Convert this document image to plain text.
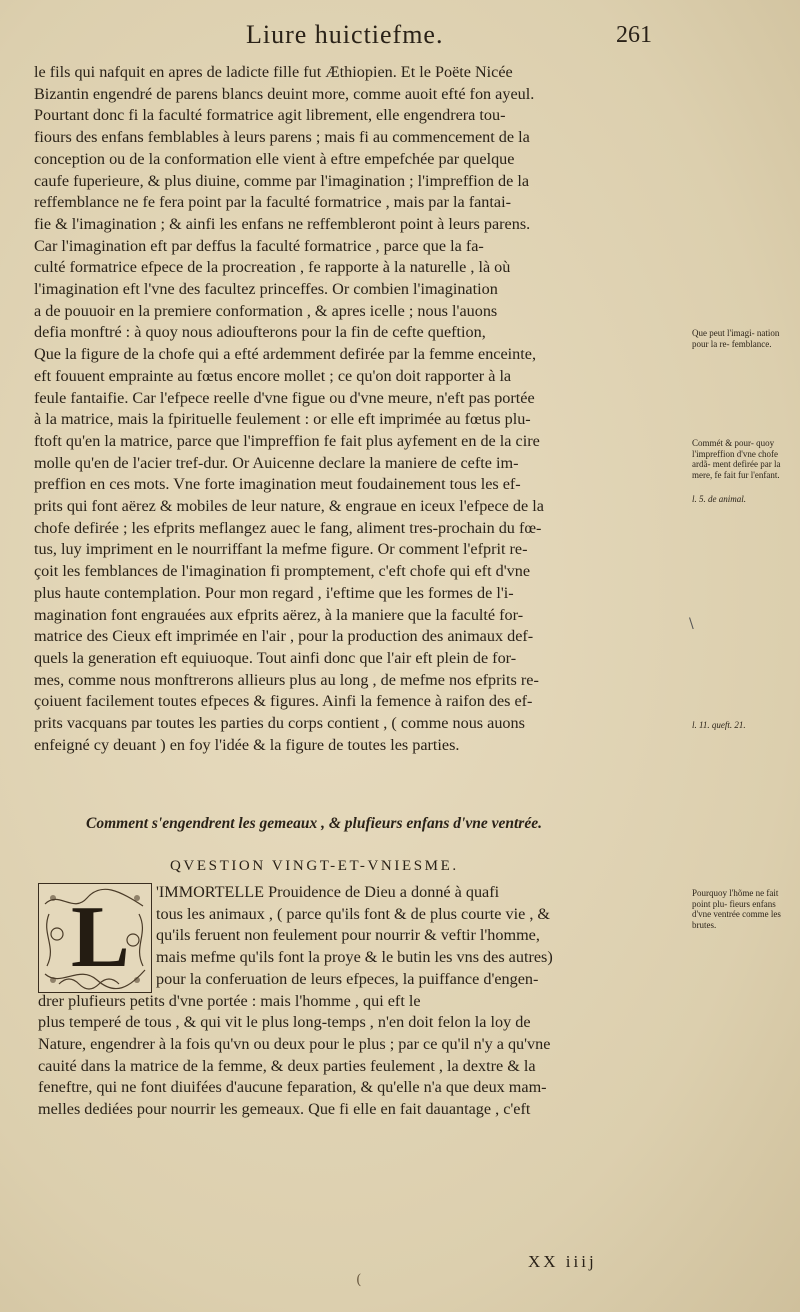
Liure huictiefme.	261
le fils qui nafquit en apres de ladicte fille fut Æthiopien. Et le Poëte Nicée
Bizantin engendré de parens blancs deuint more, comme auoit efté fon ayeul.
Pourtant donc fi la faculté formatrice agit librement, elle engendrera tou-
fiours des enfans femblables à leurs parens ; mais fi au commencement de la
conception ou de la conformation elle vient à eftre empefchée par quelque
caufe fuperieure, & plus diuine, comme par l'imagination ; l'impreffion de la
reffemblance ne fe fera point par la faculté formatrice , mais par la fantai-
fie & l'imagination ; & ainfi les enfans ne reffembleront point à leurs parens.
Car l'imagination eft par deffus la faculté formatrice , parce que la fa-
culté formatrice efpece de la procreation , fe rapporte à la naturelle , là où
l'imagination eft l'vne des facultez princeffes. Or combien l'imagination
a de pouuoir en la premiere conformation , & apres icelle ; nous l'auons
defia monftré : à quoy nous adioufterons pour la fin de cefte queftion,
Que la figure de la chofe qui a efté ardemment defirée par la femme enceinte,
eft fouuent emprainte au fœtus encore mollet ; ce qu'on doit rapporter à la
feule fantaifie. Car l'efpece reelle d'vne figue ou d'vne meure, n'eft pas portée
à la matrice, mais la fpirituelle feulement : or elle eft imprimée au fœtus plu-
ftoft qu'en la matrice, parce que l'impreffion fe fait plus ayfement en de la cire
molle qu'en de l'acier tref-dur. Or Auicenne declare la maniere de cefte im-
preffion en ces mots. Vne forte imagination meut foudainement tous les ef-
prits qui font aërez & mobiles de leur nature, & engraue en iceux l'efpece de la
chofe defirée ; les efprits meflangez auec le fang, aliment tres-prochain du fœ-
tus, luy impriment en le nourriffant la mefme figure. Or comment l'efprit re-
çoit les femblances de l'imagination fi promptement, c'eft chofe qui eft d'vne
plus haute contemplation. Pour mon regard , i'eftime que les formes de l'i-
magination font engrauées aux efprits aërez, à la maniere que la faculté for-
matrice des Cieux eft imprimée en l'air , pour la production des animaux def-
quels la generation eft equiuoque. Tout ainfi donc que l'air eft plein de for-
mes, comme nous monftrerons allieurs plus au long , de mefme nos efprits re-
çoiuent facilement toutes efpeces & figures. Ainfi la femence à raifon des ef-
prits vacquans par toutes les parties du corps contient , ( comme nous auons
enfeigné cy deuant ) en foy l'idée & la figure de toutes les parties.
Que peut l'imagi- nation pour la re- femblance.
Commét & pour- quoy l'impreffion d'vne chofe ardã- ment defirée par la mere, fe fait fur l'enfant.
l. 5. de animal.
l. 11. queft. 21.
Pourquoy l'hõme ne fait point plu- fieurs enfans d'vne ventrée comme les brutes.
\
Comment s'engendrent les gemeaux , & plufieurs enfans d'vne ventrée.
QVESTION VINGT-ET-VNIESME.
L	'IMMORTELLE Prouidence de Dieu a donné à quafi
tous les animaux , ( parce qu'ils font & de plus courte vie , &
qu'ils feruent non feulement pour nourrir & veftir l'homme,
mais mefme qu'ils font la proye & le butin les vns des autres)
pour la conferuation de leurs efpeces, la puiffance d'engen-
drer plufieurs petits d'vne portée : mais l'homme , qui eft le
plus temperé de tous , & qui vit le plus long-temps , n'en doit felon la loy de
Nature, engendrer à la fois qu'vn ou deux pour le plus ; par ce qu'il n'y a qu'vne
cauité dans la matrice de la femme, & deux parties feulement , la dextre & la
feneftre, qui ne font diuifées d'aucune feparation, & qu'elle n'a que deux mam-
melles dediées pour nourrir les gemeaux. Que fi elle en fait dauantage , c'eft
XX iiij
(
